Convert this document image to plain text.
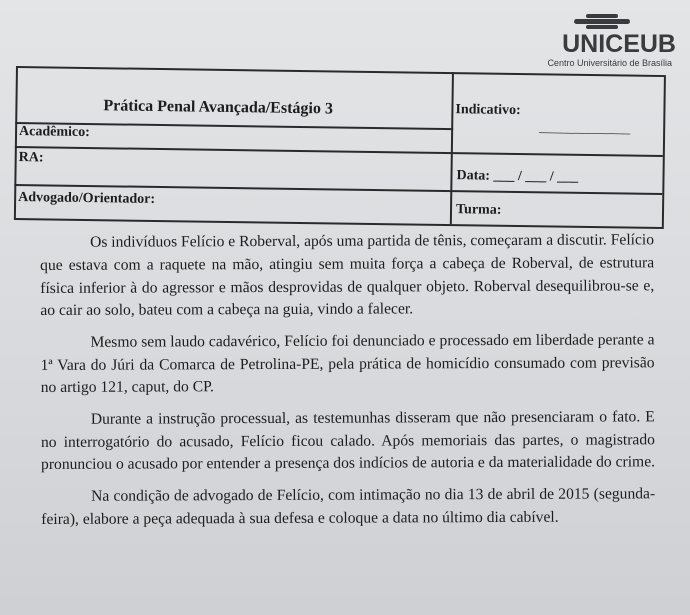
UNICEUB
Centro Universitário de Brasília
Prática Penal Avançada/Estágio 3	Indicativo:
_____________
Acadêmico:
RA:
Data: ___ / ___ / ___
Advogado/Orientador:
Turma:

Os indivíduos Felício e Roberval, após uma partida de tênis, começaram a discutir. Felício que estava com a raquete na mão, atingiu sem muita força a cabeça de Roberval, de estrutura física inferior à do agressor e mãos desprovidas de qualquer objeto. Roberval desequilibrou-se e, ao cair ao solo, bateu com a cabeça na guia, vindo a falecer.

Mesmo sem laudo cadavérico, Felício foi denunciado e processado em liberdade perante a 1ª Vara do Júri da Comarca de Petrolina-PE, pela prática de homicídio consumado com previsão no artigo 121, caput, do CP.

Durante a instrução processual, as testemunhas disseram que não presenciaram o fato. E no interrogatório do acusado, Felício ficou calado. Após memoriais das partes, o magistrado pronunciou o acusado por entender a presença dos indícios de autoria e da materialidade do crime.

Na condição de advogado de Felício, com intimação no dia 13 de abril de 2015 (segunda-feira), elabore a peça adequada à sua defesa e coloque a data no último dia cabível.
